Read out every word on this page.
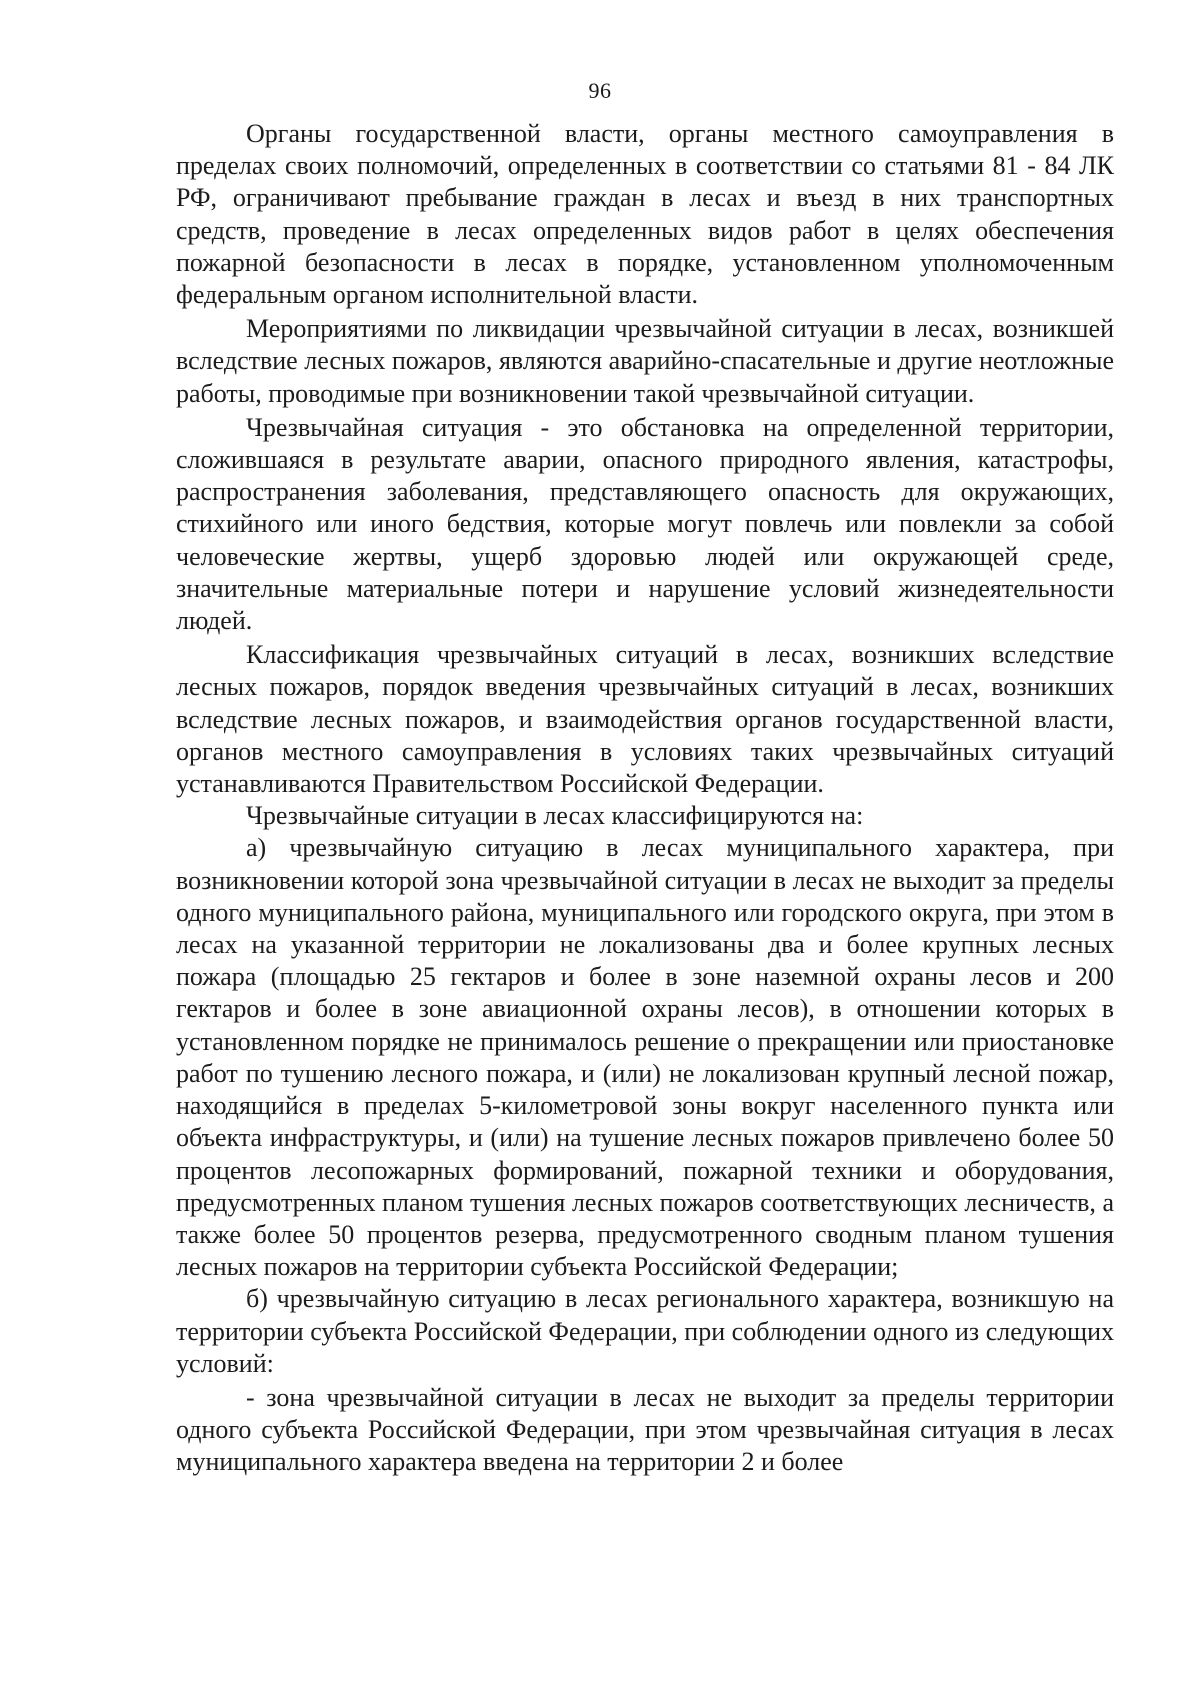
96

Органы государственной власти, органы местного самоуправления в пределах своих полномочий, определенных в соответствии со статьями 81 - 84 ЛК РФ, ограничивают пребывание граждан в лесах и въезд в них транспортных средств, проведение в лесах определенных видов работ в целях обеспечения пожарной безопасности в лесах в порядке, установленном уполномоченным федеральным органом исполнительной власти.

Мероприятиями по ликвидации чрезвычайной ситуации в лесах, возникшей вследствие лесных пожаров, являются аварийно-спасательные и другие неотложные работы, проводимые при возникновении такой чрезвычайной ситуации.

Чрезвычайная ситуация - это обстановка на определенной территории, сложившаяся в результате аварии, опасного природного явления, катастрофы, распространения заболевания, представляющего опасность для окружающих, стихийного или иного бедствия, которые могут повлечь или повлекли за собой человеческие жертвы, ущерб здоровью людей или окружающей среде, значительные материальные потери и нарушение условий жизнедеятельности людей.

Классификация чрезвычайных ситуаций в лесах, возникших вследствие лесных пожаров, порядок введения чрезвычайных ситуаций в лесах, возникших вследствие лесных пожаров, и взаимодействия органов государственной власти, органов местного самоуправления в условиях таких чрезвычайных ситуаций устанавливаются Правительством Российской Федерации.

Чрезвычайные ситуации в лесах классифицируются на:

а) чрезвычайную ситуацию в лесах муниципального характера, при возникновении которой зона чрезвычайной ситуации в лесах не выходит за пределы одного муниципального района, муниципального или городского округа, при этом в лесах на указанной территории не локализованы два и более крупных лесных пожара (площадью 25 гектаров и более в зоне наземной охраны лесов и 200 гектаров и более в зоне авиационной охраны лесов), в отношении которых в установленном порядке не принималось решение о прекращении или приостановке работ по тушению лесного пожара, и (или) не локализован крупный лесной пожар, находящийся в пределах 5-километровой зоны вокруг населенного пункта или объекта инфраструктуры, и (или) на тушение лесных пожаров привлечено более 50 процентов лесопожарных формирований, пожарной техники и оборудования, предусмотренных планом тушения лесных пожаров соответствующих лесничеств, а также более 50 процентов резерва, предусмотренного сводным планом тушения лесных пожаров на территории субъекта Российской Федерации;

б) чрезвычайную ситуацию в лесах регионального характера, возникшую на территории субъекта Российской Федерации, при соблюдении одного из следующих условий:

- зона чрезвычайной ситуации в лесах не выходит за пределы территории одного субъекта Российской Федерации, при этом чрезвычайная ситуация в лесах муниципального характера введена на территории 2 и более
